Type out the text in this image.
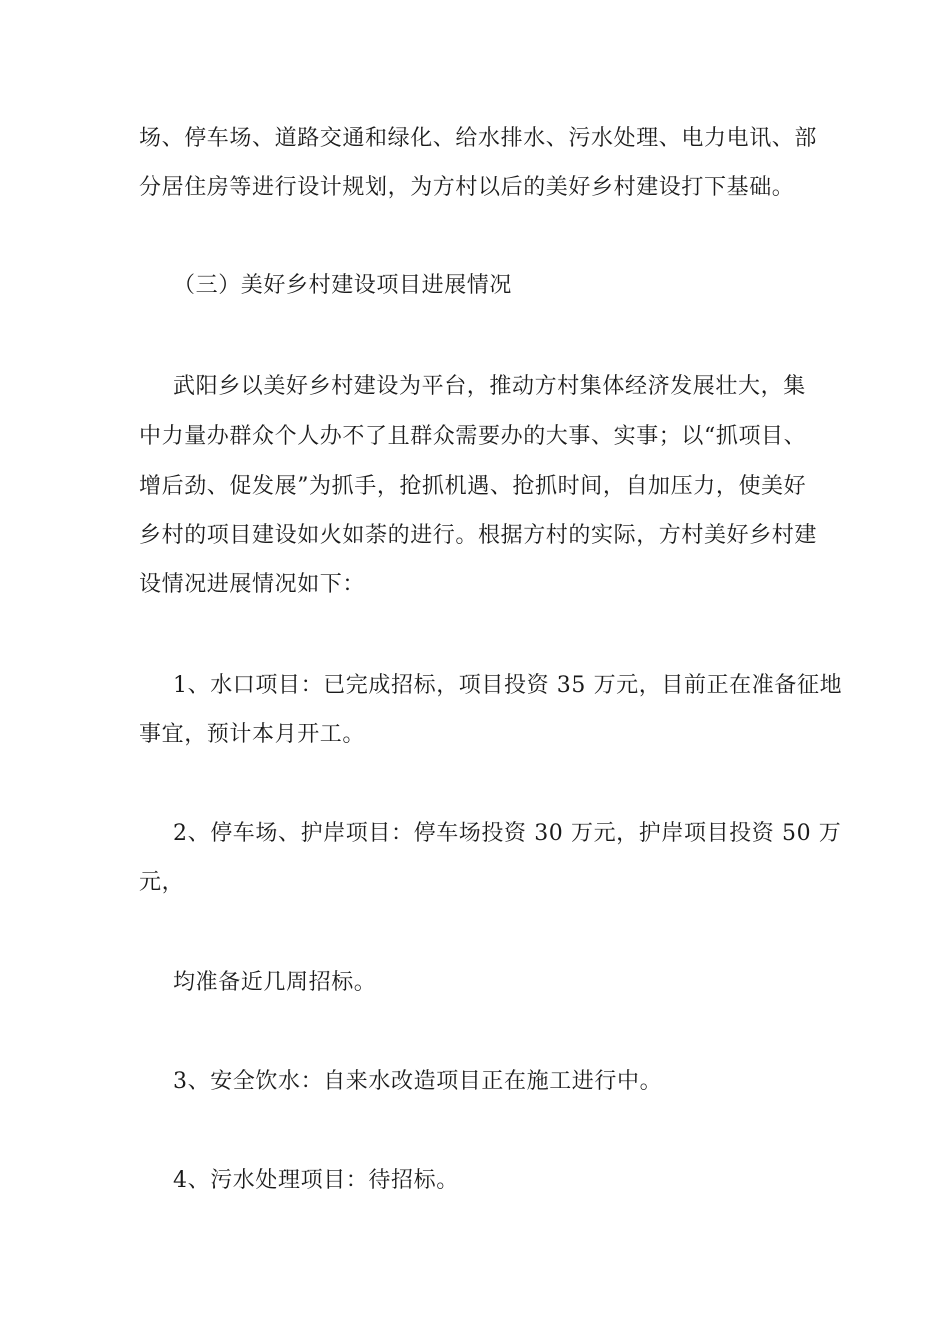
场、停车场、道路交通和绿化、给水排水、污水处理、电力电讯、部
分居住房等进行设计规划，为方村以后的美好乡村建设打下基础。
（三）美好乡村建设项目进展情况
武阳乡以美好乡村建设为平台，推动方村集体经济发展壮大，集
中力量办群众个人办不了且群众需要办的大事、实事；以“抓项目、
增后劲、促发展”为抓手，抢抓机遇、抢抓时间，自加压力，使美好
乡村的项目建设如火如荼的进行。根据方村的实际，方村美好乡村建
设情况进展情况如下：
1、水口项目：已完成招标，项目投资 35 万元，目前正在准备征地
事宜，预计本月开工。
2、停车场、护岸项目：停车场投资 30 万元，护岸项目投资 50 万
元，
均准备近几周招标。
3、安全饮水：自来水改造项目正在施工进行中。
4、污水处理项目：待招标。
